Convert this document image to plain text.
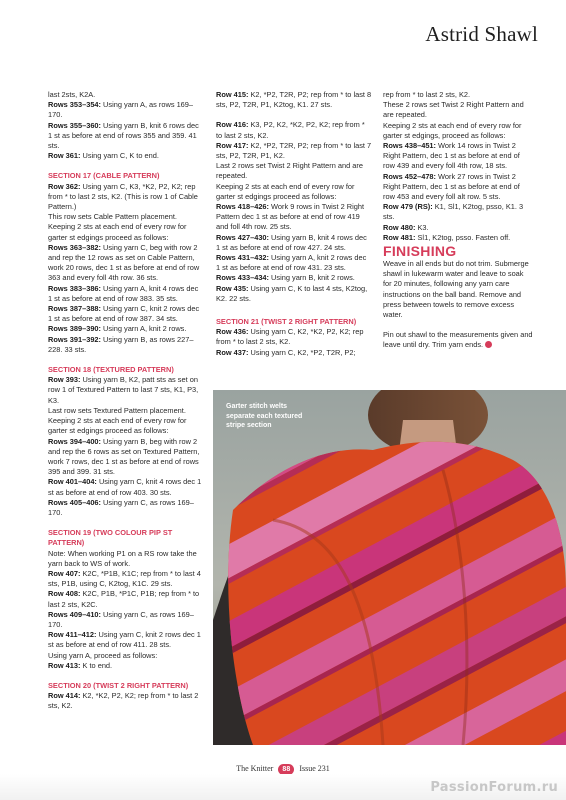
Astrid Shawl

last 2sts, K2A.

Rows 353–354: Using yarn A, as rows 169–170.

Rows 355–360: Using yarn B, knit 6 rows dec 1 st as before at end of rows 355 and 359. 41 sts.

Row 361: Using yarn C, K to end.

SECTION 17 (CABLE PATTERN)

Row 362: Using yarn C, K3, *K2, P2, K2; rep from * to last 2 sts, K2. (This is row 1 of Cable Pattern.)

This row sets Cable Pattern placement. Keeping 2 sts at each end of every row for garter st edgings proceed as follows:

Rows 363–382: Using yarn C, beg with row 2 and rep the 12 rows as set on Cable Pattern, work 20 rows, dec 1 st as before at end of row 363 and every foll 4th row. 36 sts.

Rows 383–386: Using yarn A, knit 4 rows dec 1 st as before at end of row 383. 35 sts.

Rows 387–388: Using yarn C, knit 2 rows dec 1 st as before at end of row 387. 34 sts.

Rows 389–390: Using yarn A, knit 2 rows.

Rows 391–392: Using yarn B, as rows 227–228. 33 sts.

SECTION 18 (TEXTURED PATTERN)

Row 393: Using yarn B, K2, patt sts as set on row 1 of Textured Pattern to last 7 sts, K1, P3, K3.

Last row sets Textured Pattern placement. Keeping 2 sts at each end of every row for garter st edgings proceed as follows:

Rows 394–400: Using yarn B, beg with row 2 and rep the 6 rows as set on Textured Pattern, work 7 rows, dec 1 st as before at end of rows 395 and 399. 31 sts.

Row 401–404: Using yarn C, knit 4 rows dec 1 st as before at end of row 403. 30 sts.

Rows 405–406: Using yarn C, as rows 169–170.

SECTION 19 (TWO COLOUR PIP ST PATTERN)

Note: When working P1 on a RS row take the yarn back to WS of work.

Row 407: K2C, *P1B, K1C; rep from * to last 4 sts, P1B, using C, K2tog, K1C. 29 sts.

Row 408: K2C, P1B, *P1C, P1B; rep from * to last 2 sts, K2C.

Rows 409–410: Using yarn C, as rows 169–170.

Row 411–412: Using yarn C, knit 2 rows dec 1 st as before at end of row 411. 28 sts.

Using yarn A, proceed as follows:

Row 413: K to end.

SECTION 20 (TWIST 2 RIGHT PATTERN)

Row 414: K2, *K2, P2, K2; rep from * to last 2 sts, K2.

Row 415: K2, *P2, T2R, P2; rep from * to last 8 sts, P2, T2R, P1, K2tog, K1. 27 sts.

Row 416: K3, P2, K2, *K2, P2, K2; rep from * to last 2 sts, K2.

Row 417: K2, *P2, T2R, P2; rep from * to last 7 sts, P2, T2R, P1, K2.

Last 2 rows set Twist 2 Right Pattern and are repeated.

Keeping 2 sts at each end of every row for garter st edgings proceed as follows:

Rows 418–426: Work 9 rows in Twist 2 Right Pattern dec 1 st as before at end of row 419 and foll 4th row. 25 sts.

Rows 427–430: Using yarn B, knit 4 rows dec 1 st as before at end of row 427. 24 sts.

Rows 431–432: Using yarn A, knit 2 rows dec 1 st as before at end of row 431. 23 sts.

Rows 433–434: Using yarn B, knit 2 rows.

Row 435: Using yarn C, K to last 4 sts, K2tog, K2. 22 sts.

SECTION 21 (TWIST 2 RIGHT PATTERN)

Row 436: Using yarn C, K2, *K2, P2, K2; rep from * to last 2 sts, K2.

Row 437: Using yarn C, K2, *P2, T2R, P2;

rep from * to last 2 sts, K2.

These 2 rows set Twist 2 Right Pattern and are repeated.

Keeping 2 sts at each end of every row for garter st edgings, proceed as follows:

Rows 438–451: Work 14 rows in Twist 2 Right Pattern, dec 1 st as before at end of row 439 and every foll 4th row, 18 sts.

Rows 452–478: Work 27 rows in Twist 2 Right Pattern, dec 1 st as before at end of row 453 and every foll alt row. 5 sts.

Row 479 (RS): K1, Sl1, K2tog, psso, K1. 3 sts.

Row 480: K3.

Row 481: Sl1, K2tog, psso. Fasten off.

FINISHING

Weave in all ends but do not trim. Submerge shawl in lukewarm water and leave to soak for 20 minutes, following any yarn care instructions on the ball band. Remove and press between towels to remove excess water.

Pin out shawl to the measurements given and leave until dry. Trim yarn ends.

Garter stitch welts separate each textured stripe section
The Knitter 88 Issue 231
PassionForum.ru
